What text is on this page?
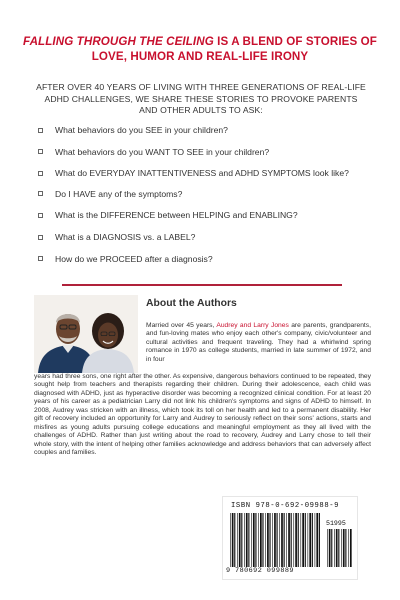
FALLING THROUGH THE CEILING IS A BLEND OF STORIES OF LOVE, HUMOR AND REAL-LIFE IRONY
AFTER OVER 40 YEARS OF LIVING WITH THREE GENERATIONS OF REAL-LIFE ADHD CHALLENGES, WE SHARE THESE STORIES TO PROVOKE PARENTS AND OTHER ADULTS TO ASK:
What behaviors do you SEE in your children?
What behaviors do you WANT TO SEE in your children?
What do EVERYDAY INATTENTIVENESS and ADHD SYMPTOMS look like?
Do I HAVE any of the symptoms?
What is the DIFFERENCE between HELPING and ENABLING?
What is a DIAGNOSIS vs. a LABEL?
How do we PROCEED after a diagnosis?
About the Authors

Married over 45 years, Audrey and Larry Jones are parents, grandparents, and fun-loving mates who enjoy each other's company, civic/volunteer and cultural activities and frequent traveling. They had a whirlwind spring romance in 1970 as college students, married in late summer of 1972, and in four

years had three sons, one right after the other. As expensive, dangerous behaviors continued to be repeated, they sought help from teachers and therapists regarding their children. During their adolescence, each child was diagnosed with ADHD, just as hyperactive disorder was becoming a recognized clinical condition. For at least 20 years of his career as a pediatrician Larry did not link his children's symptoms and signs of ADHD to himself. In 2008, Audrey was stricken with an illness, which took its toll on her health and led to a permanent disability. Her gift of recovery included an opportunity for Larry and Audrey to seriously reflect on their sons' actions, starts and misfires as young adults pursuing college educations and meaningful employment as they all lived with the challenges of ADHD. Rather than just writing about the road to recovery, Audrey and Larry chose to tell their whole story, with the intent of helping other families acknowledge and address behaviors that can adversely affect couples and families.

ISBN 978-0-692-09988-9
51995
9 780692 099889
